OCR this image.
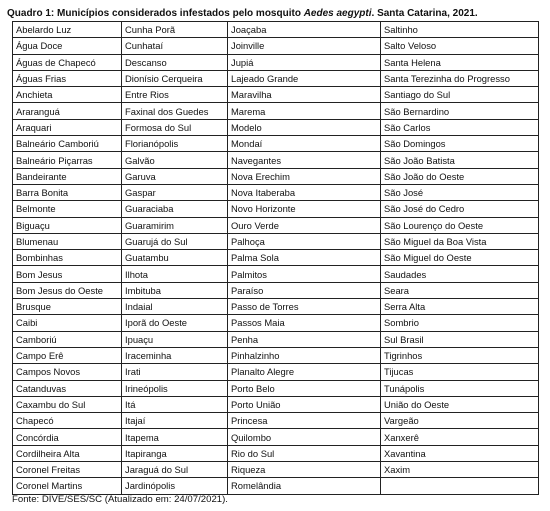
Quadro 1: Municípios considerados infestados pelo mosquito Aedes aegypti. Santa Catarina, 2021.
Abelardo Luz	Cunha Porã	Joaçaba	Saltinho
Água Doce	Cunhataí	Joinville	Salto Veloso
Águas de Chapecó	Descanso	Jupiá	Santa Helena
Águas Frias	Dionísio Cerqueira	Lajeado Grande	Santa Terezinha do Progresso
Anchieta	Entre Rios	Maravilha	Santiago do Sul
Araranguá	Faxinal dos Guedes	Marema	São Bernardino
Araquari	Formosa do Sul	Modelo	São Carlos
Balneário Camboriú	Florianópolis	Mondaí	São Domingos
Balneário Piçarras	Galvão	Navegantes	São João Batista
Bandeirante	Garuva	Nova Erechim	São João do Oeste
Barra Bonita	Gaspar	Nova Itaberaba	São José
Belmonte	Guaraciaba	Novo Horizonte	São José do Cedro
Biguaçu	Guaramirim	Ouro Verde	São Lourenço do Oeste
Blumenau	Guarujá do Sul	Palhoça	São Miguel da Boa Vista
Bombinhas	Guatambu	Palma Sola	São Miguel do Oeste
Bom Jesus	Ilhota	Palmitos	Saudades
Bom Jesus do Oeste	Imbituba	Paraíso	Seara
Brusque	Indaial	Passo de Torres	Serra Alta
Caibi	Iporã do Oeste	Passos Maia	Sombrio
Camboriú	Ipuaçu	Penha	Sul Brasil
Campo Erê	Iraceminha	Pinhalzinho	Tigrinhos
Campos Novos	Irati	Planalto Alegre	Tijucas
Catanduvas	Irineópolis	Porto Belo	Tunápolis
Caxambu do Sul	Itá	Porto União	União do Oeste
Chapecó	Itajaí	Princesa	Vargeão
Concórdia	Itapema	Quilombo	Xanxerê
Cordilheira Alta	Itapiranga	Rio do Sul	Xavantina
Coronel Freitas	Jaraguá do Sul	Riqueza	Xaxim
Coronel Martins	Jardinópolis	Romelândia	
Fonte: DIVE/SES/SC (Atualizado em: 24/07/2021).
